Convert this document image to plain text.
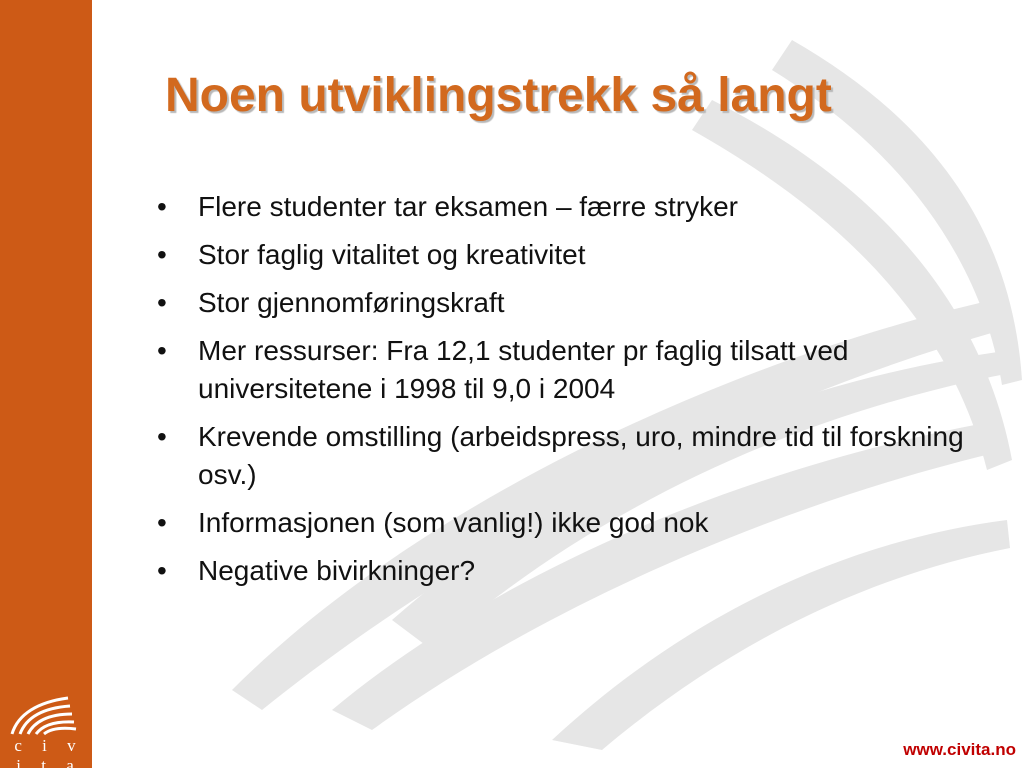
c i v i t a
Noen utviklingstrekk så langt
• Flere studenter tar eksamen – færre stryker
• Stor faglig vitalitet og kreativitet
• Stor gjennomføringskraft
• Mer ressurser: Fra 12,1 studenter pr faglig tilsatt ved universitetene i 1998 til 9,0 i 2004
• Krevende omstilling (arbeidspress, uro, mindre tid til forskning osv.)
• Informasjonen (som vanlig!) ikke god nok
• Negative bivirkninger?
www.civita.no
